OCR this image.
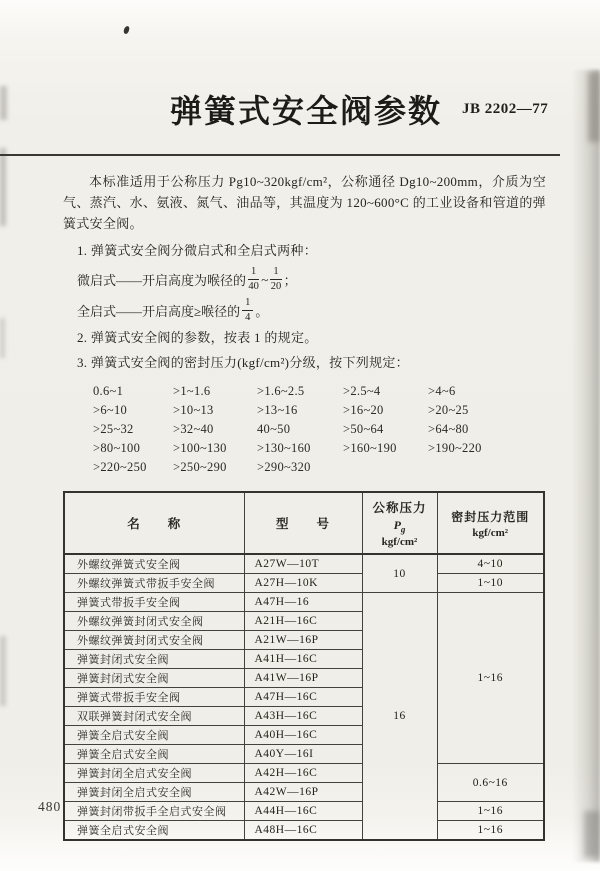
弹簧式安全阀参数 JB 2202—77

本标准适用于公称压力 Pg10~320kgf/cm²，公称通径 Dg10~200mm，介质为空气、蒸汽、水、氨液、氮气、油品等，其温度为 120~600°C 的工业设备和管道的弹簧式安全阀。

1. 弹簧式安全阀分微启式和全启式两种：

微启式——开启高度为喉径的 $\frac{1}{40}$ ~ $\frac{1}{20}$ ；
全启式——开启高度≥喉径的 $\frac{1}{4}$ 。

2. 弹簧式安全阀的参数，按表 1 的规定。

3. 弹簧式安全阀的密封压力(kgf/cm²)分级，按下列规定：

0.6~1	>1~1.6	>1.6~2.5	>2.5~4	>4~6
>6~10	>10~13	>13~16	>16~20	>20~25
>25~32	>32~40	40~50	>50~64	>64~80
>80~100	>100~130	>130~160	>160~190	>190~220
>220~250	>250~290	>290~320
名　　称	型　　号	
公称压力
$P_g$
kgf/cm²

密封压力范围
kgf/cm²

外螺纹弹簧式安全阀	A27W—10T	10	4~10
外螺纹弹簧式带扳手安全阀	A27H—10K		1~10
弹簧式带扳手安全阀	A47H—16	16	1~16
外螺纹弹簧封闭式安全阀	A21H—16C		
外螺纹弹簧封闭式安全阀	A21W—16P		
弹簧封闭式安全阀	A41H—16C		
弹簧封闭式安全阀	A41W—16P		
弹簧式带扳手安全阀	A47H—16C		
双联弹簧封闭式安全阀	A43H—16C		
弹簧全启式安全阀	A40H—16C		
弹簧全启式安全阀	A40Y—16I		
弹簧封闭全启式安全阀	A42H—16C		0.6~16
弹簧封闭全启式安全阀	A42W—16P		
弹簧封闭带扳手全启式安全阀	A44H—16C		1~16
弹簧全启式安全阀	A48H—16C		1~16
480
